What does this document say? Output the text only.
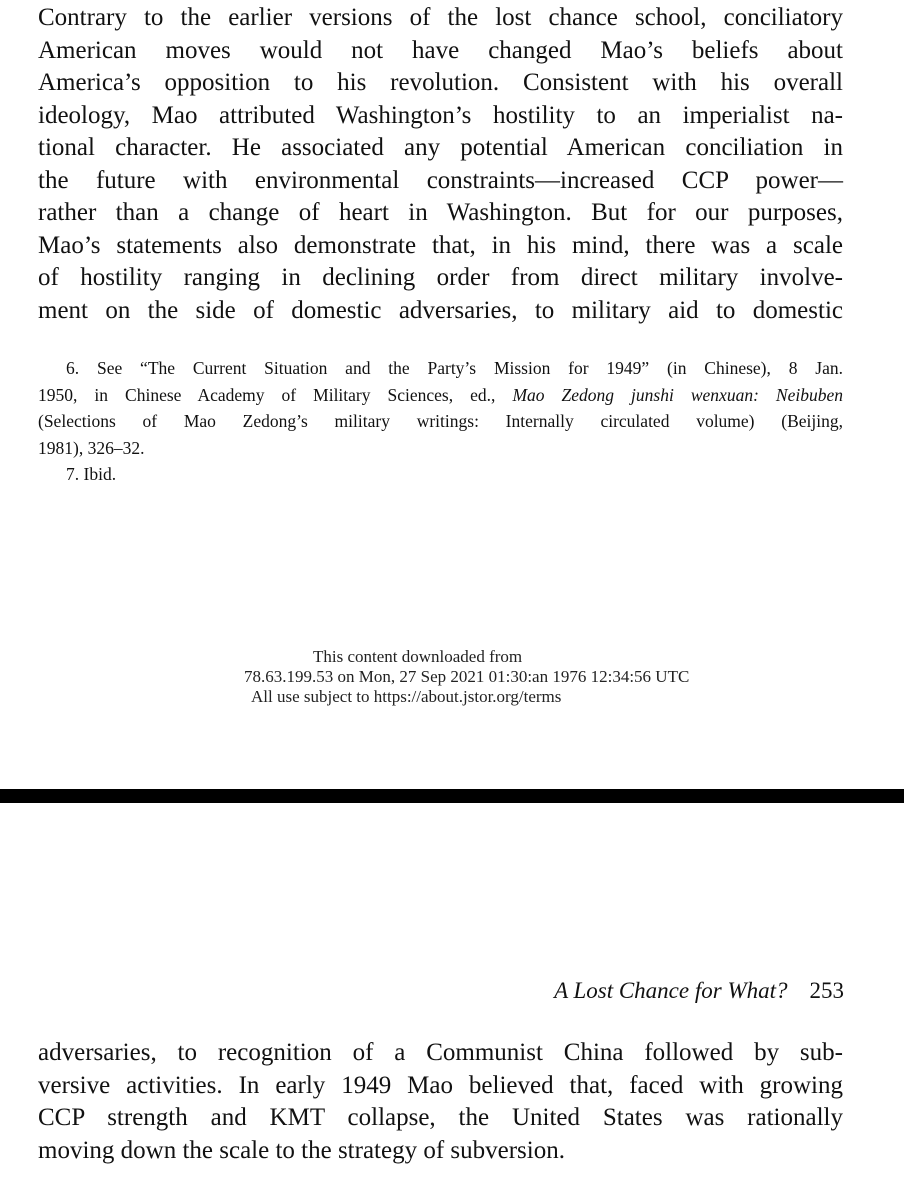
Contrary to the earlier versions of the lost chance school, conciliatory
American moves would not have changed Mao’s beliefs about
America’s opposition to his revolution. Consistent with his overall
ideology, Mao attributed Washington’s hostility to an imperialist na-
tional character. He associated any potential American conciliation in
the future with environmental constraints—increased CCP power—
rather than a change of heart in Washington. But for our purposes,
Mao’s statements also demonstrate that, in his mind, there was a scale
of hostility ranging in declining order from direct military involve-
ment on the side of domestic adversaries, to military aid to domestic
6. See “The Current Situation and the Party’s Mission for 1949” (in Chinese), 8 Jan.
1950, in Chinese Academy of Military Sciences, ed., Mao Zedong junshi wenxuan: Neibuben
(Selections of Mao Zedong’s military writings: Internally circulated volume) (Beijing,
1981), 326–32.
7. Ibid.
This content downloaded from
78.63.199.53 on Mon, 27 Sep 2021 01:30:an 1976 12:34:56 UTC
All use subject to https://about.jstor.org/terms
A Lost Chance for What? 253
adversaries, to recognition of a Communist China followed by sub-
versive activities. In early 1949 Mao believed that, faced with growing
CCP strength and KMT collapse, the United States was rationally
moving down the scale to the strategy of subversion.
